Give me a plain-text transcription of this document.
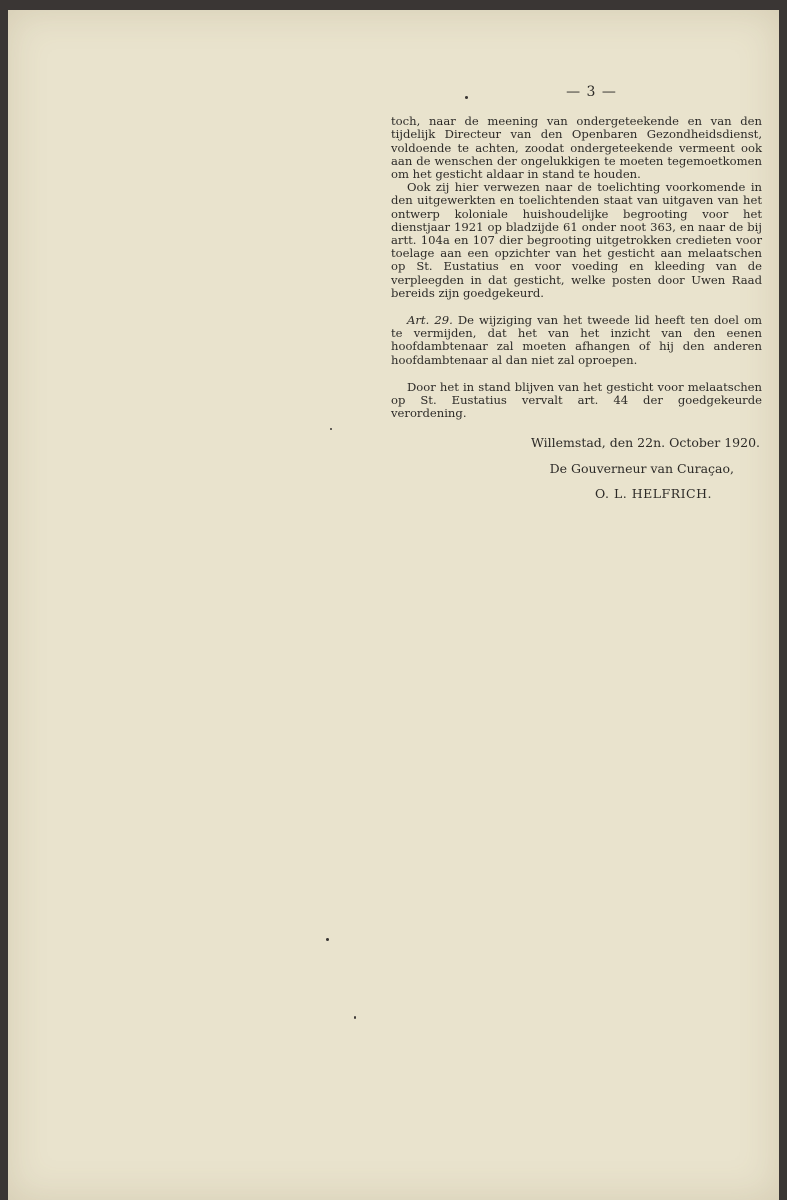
— 3 —

toch, naar de meening van ondergeteekende en van den tijdelijk Directeur van den Openbaren Gezondheidsdienst, voldoende te achten, zoodat ondergeteekende vermeent ook aan de wenschen der ongelukkigen te moeten tegemoetkomen om het gesticht aldaar in stand te houden.

Ook zij hier verwezen naar de toelichting voorkomende in den uitgewerkten en toelichtenden staat van uitgaven van het ontwerp koloniale huishoudelijke begrooting voor het dienstjaar 1921 op bladzijde 61 onder noot 363, en naar de bij artt. 104a en 107 dier begrooting uitgetrokken credieten voor toelage aan een opzichter van het gesticht aan melaatschen op St. Eustatius en voor voeding en kleeding van de verpleegden in dat gesticht, welke posten door Uwen Raad bereids zijn goedgekeurd.

Art. 29. De wijziging van het tweede lid heeft ten doel om te vermijden, dat het van het inzicht van den eenen hoofdambtenaar zal moeten afhangen of hij den anderen hoofdambtenaar al dan niet zal oproepen.

Door het in stand blijven van het gesticht voor melaatschen op St. Eustatius vervalt art. 44 der goedgekeurde verordening.

Willemstad, den 22n. October 1920.
De Gouverneur van Curaçao,
O. L. HELFRICH.
